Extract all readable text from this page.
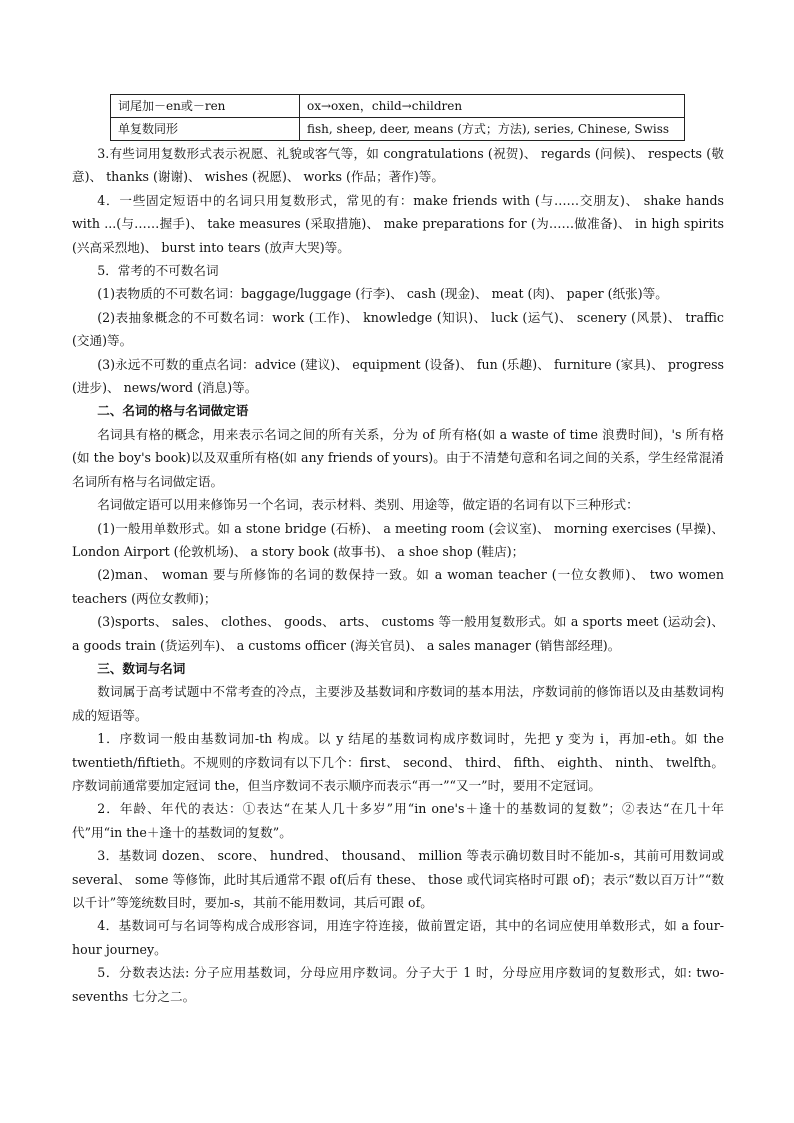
词尾加－en或－ren	ox→oxen，child→children
单复数同形	fish, sheep, deer, means (方式；方法), series, Chinese, Swiss

3.有些词用复数形式表示祝愿、礼貌或客气等，如 congratulations (祝贺)、 regards (问候)、 respects (敬意)、 thanks (谢谢)、 wishes (祝愿)、 works (作品；著作)等。

4．一些固定短语中的名词只用复数形式，常见的有：make friends with (与……交朋友)、 shake hands with ...(与……握手)、 take measures (采取措施)、 make preparations for (为……做准备)、 in high spirits (兴高采烈地)、 burst into tears (放声大哭)等。

5．常考的不可数名词

(1)表物质的不可数名词：baggage/luggage (行李)、 cash (现金)、 meat (肉)、 paper (纸张)等。

(2)表抽象概念的不可数名词：work (工作)、 knowledge (知识)、 luck (运气)、 scenery (风景)、 traffic (交通)等。

(3)永远不可数的重点名词：advice (建议)、 equipment (设备)、 fun (乐趣)、 furniture (家具)、 progress (进步)、 news/word (消息)等。

二、名词的格与名词做定语

名词具有格的概念，用来表示名词之间的所有关系，分为 of 所有格(如 a waste of time 浪费时间)，'s 所有格(如 the boy's book)以及双重所有格(如 any friends of yours)。由于不清楚句意和名词之间的关系，学生经常混淆名词所有格与名词做定语。

名词做定语可以用来修饰另一个名词，表示材料、类别、用途等，做定语的名词有以下三种形式：

(1)一般用单数形式。如 a stone bridge (石桥)、 a meeting room (会议室)、 morning exercises (早操)、 London Airport (伦敦机场)、 a story book (故事书)、 a shoe shop (鞋店)；

(2)man、 woman 要与所修饰的名词的数保持一致。如 a woman teacher (一位女教师)、 two women teachers (两位女教师)；

(3)sports、 sales、 clothes、 goods、 arts、 customs 等一般用复数形式。如 a sports meet (运动会)、 a goods train (货运列车)、 a customs officer (海关官员)、 a sales manager (销售部经理)。

三、数词与名词

数词属于高考试题中不常考查的冷点，主要涉及基数词和序数词的基本用法，序数词前的修饰语以及由基数词构成的短语等。

1．序数词一般由基数词加-th 构成。以 y 结尾的基数词构成序数词时，先把 y 变为 i，再加-eth。如 the twentieth/fiftieth。不规则的序数词有以下几个：first、 second、 third、 fifth、 eighth、 ninth、 twelfth。序数词前通常要加定冠词 the，但当序数词不表示顺序而表示“再一”“又一”时，要用不定冠词。

2．年龄、年代的表达：①表达“在某人几十多岁”用“in one's＋逢十的基数词的复数”；②表达“在几十年代”用“in the＋逢十的基数词的复数”。

3．基数词 dozen、 score、 hundred、 thousand、 million 等表示确切数目时不能加-s，其前可用数词或 several、 some 等修饰，此时其后通常不跟 of(后有 these、 those 或代词宾格时可跟 of)；表示“数以百万计”“数以千计”等笼统数目时，要加-s，其前不能用数词，其后可跟 of。

4．基数词可与名词等构成合成形容词，用连字符连接，做前置定语，其中的名词应使用单数形式，如 a four-hour journey。

5．分数表达法: 分子应用基数词，分母应用序数词。分子大于 1 时，分母应用序数词的复数形式，如: two-sevenths 七分之二。
